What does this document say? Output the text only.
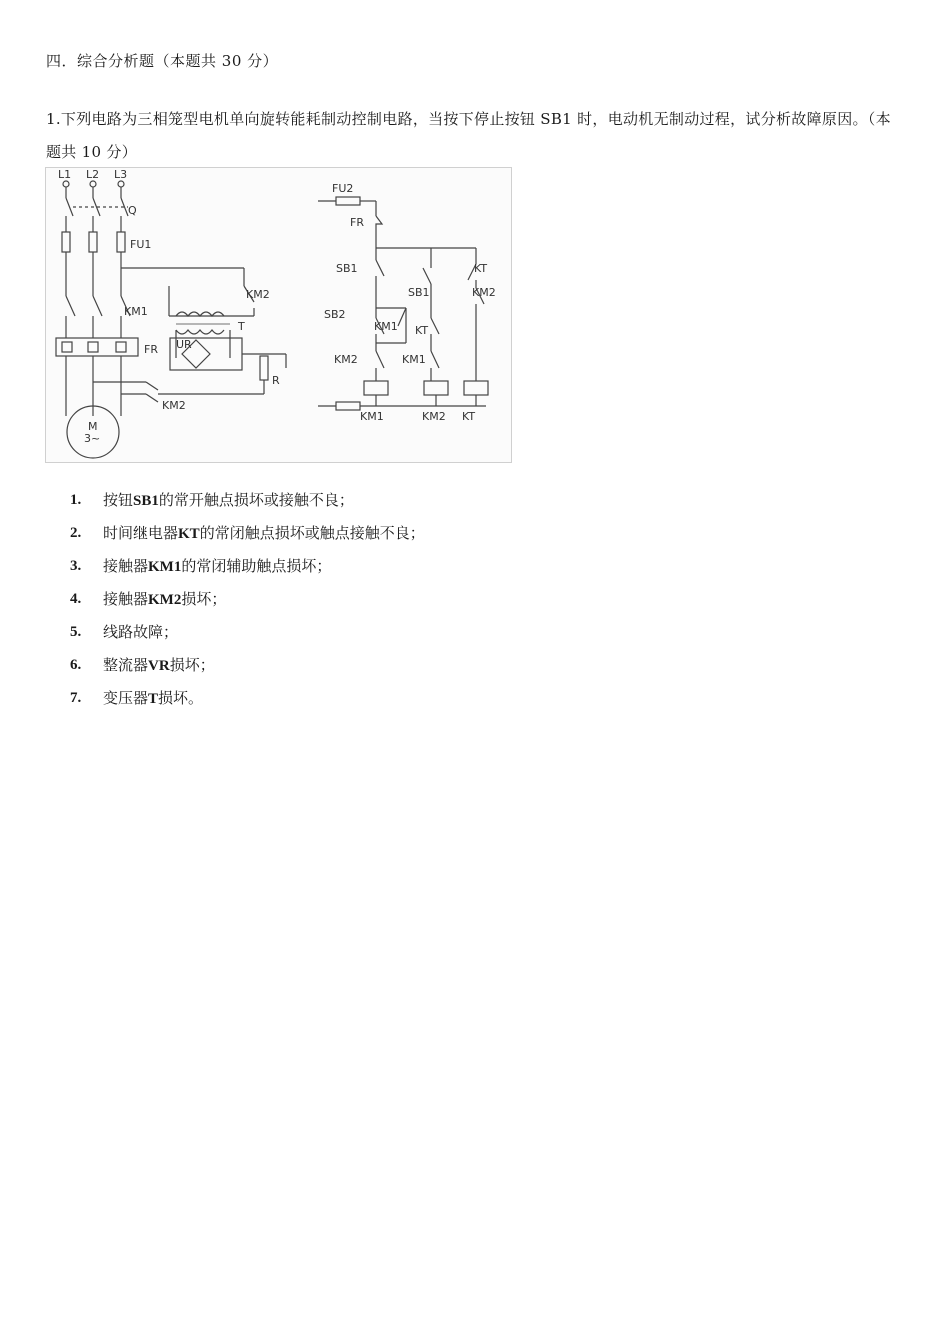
四．综合分析题（本题共 30 分）
1.下列电路为三相笼型电机单向旋转能耗制动控制电路，当按下停止按钮 SB1 时，电动机无制动过程，试分析故障原因。（本题共 10 分）
L1 L2 L3
Q
FU1
KM1
FR
KM2
T
UR
R
KM2
M
3~
FU2
FR
SB1
SB1
KT
KM2
SB2
KM1 KT
KM2	KM1
KM1	KM2 KT
1.	按钮SB1的常开触点损坏或接触不良；
2.	时间继电器KT的常闭触点损坏或触点接触不良；
3.	接触器KM1的常闭辅助触点损坏；
4.	接触器KM2损坏；
5.	线路故障；
6.	整流器VR损坏；
7.	变压器T损坏。
